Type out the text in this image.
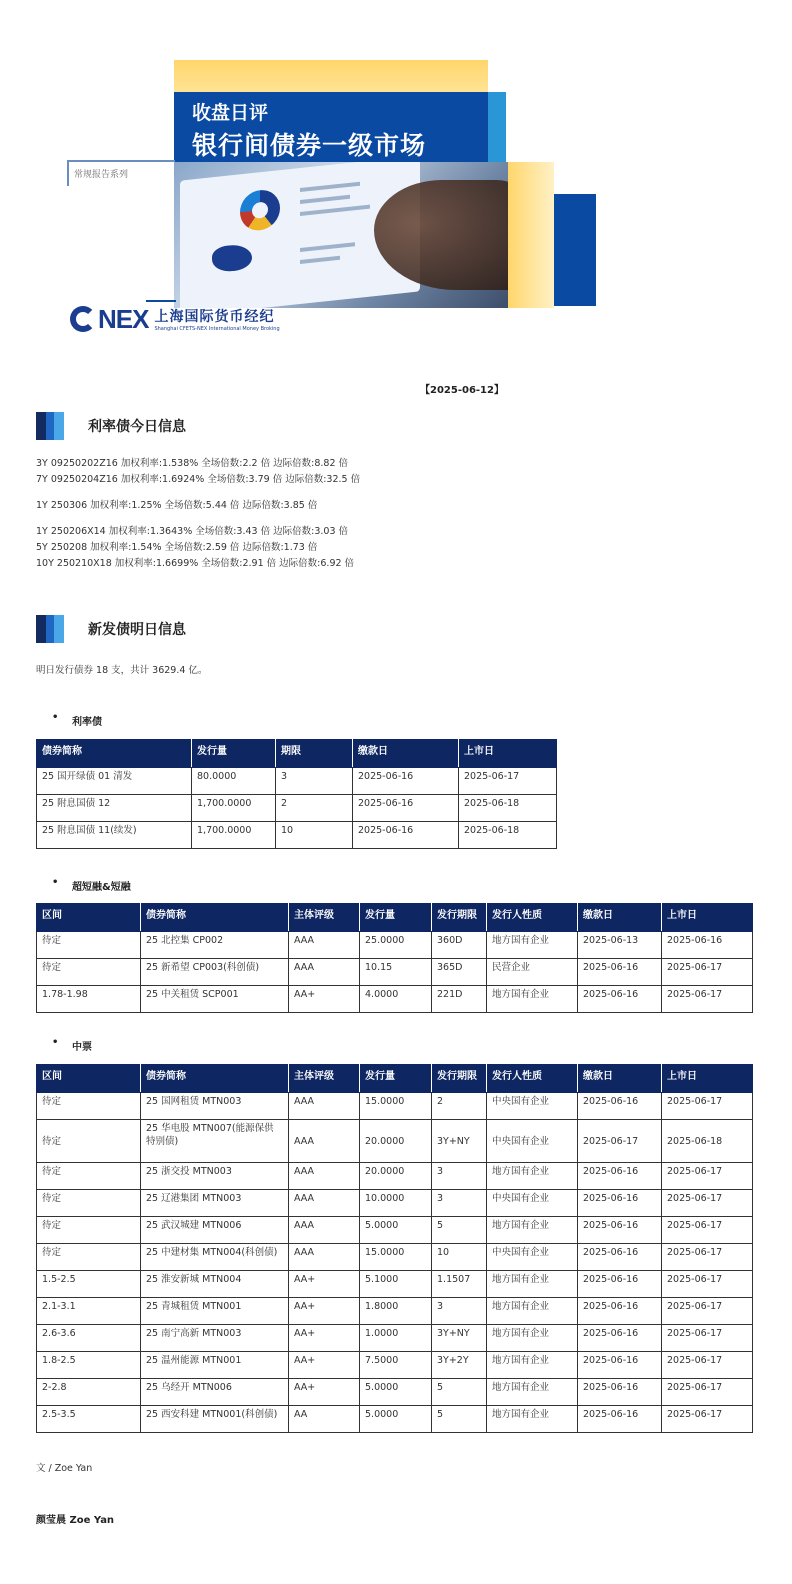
收盘日评
银行间债券一级市场
常规报告系列
NEX 上海国际货币经纪
Shanghai CFETS-NEX International Money Broking
【2025-06-12】
利率债今日信息
3Y 09250202Z16 加权利率:1.538% 全场倍数:2.2 倍 边际倍数:8.82 倍
7Y 09250204Z16 加权利率:1.6924% 全场倍数:3.79 倍 边际倍数:32.5 倍
1Y 250306 加权利率:1.25% 全场倍数:5.44 倍 边际倍数:3.85 倍
1Y 250206X14 加权利率:1.3643% 全场倍数:3.43 倍 边际倍数:3.03 倍
5Y 250208 加权利率:1.54% 全场倍数:2.59 倍 边际倍数:1.73 倍
10Y 250210X18 加权利率:1.6699% 全场倍数:2.91 倍 边际倍数:6.92 倍
新发债明日信息
明日发行债券 18 支，共计 3629.4 亿。
• 利率债
债券简称	发行量	期限	缴款日	上市日
25 国开绿债 01 清发	80.0000	3	2025-06-16	2025-06-17
25 附息国债 12	1,700.0000	2	2025-06-16	2025-06-18
25 附息国债 11(续发)	1,700.0000	10	2025-06-16	2025-06-18
• 超短融&短融
区间	债券简称	主体评级	发行量	发行期限	发行人性质	缴款日	上市日
待定	25 北控集 CP002	AAA	25.0000	360D	地方国有企业	2025-06-13	2025-06-16
待定	25 新希望 CP003(科创债)	AAA	10.15	365D	民营企业	2025-06-16	2025-06-17
1.78-1.98	25 中关租赁 SCP001	AA+	4.0000	221D	地方国有企业	2025-06-16	2025-06-17
• 中票
区间	债券简称	主体评级	发行量	发行期限	发行人性质	缴款日	上市日
待定	25 国网租赁 MTN003	AAA	15.0000	2	中央国有企业	2025-06-16	2025-06-17
待定	25 华电股 MTN007(能源保供特别债)	AAA	20.0000	3Y+NY	中央国有企业	2025-06-17	2025-06-18
待定	25 浙交投 MTN003	AAA	20.0000	3	地方国有企业	2025-06-16	2025-06-17
待定	25 辽港集团 MTN003	AAA	10.0000	3	中央国有企业	2025-06-16	2025-06-17
待定	25 武汉城建 MTN006	AAA	5.0000	5	地方国有企业	2025-06-16	2025-06-17
待定	25 中建材集 MTN004(科创债)	AAA	15.0000	10	中央国有企业	2025-06-16	2025-06-17
1.5-2.5	25 淮安新城 MTN004	AA+	5.1000	1.1507	地方国有企业	2025-06-16	2025-06-17
2.1-3.1	25 青城租赁 MTN001	AA+	1.8000	3	地方国有企业	2025-06-16	2025-06-17
2.6-3.6	25 南宁高新 MTN003	AA+	1.0000	3Y+NY	地方国有企业	2025-06-16	2025-06-17
1.8-2.5	25 温州能源 MTN001	AA+	7.5000	3Y+2Y	地方国有企业	2025-06-16	2025-06-17
2-2.8	25 乌经开 MTN006	AA+	5.0000	5	地方国有企业	2025-06-16	2025-06-17
2.5-3.5	25 西安科建 MTN001(科创债)	AA	5.0000	5	地方国有企业	2025-06-16	2025-06-17
文 / Zoe Yan
颜莹晨 Zoe Yan
